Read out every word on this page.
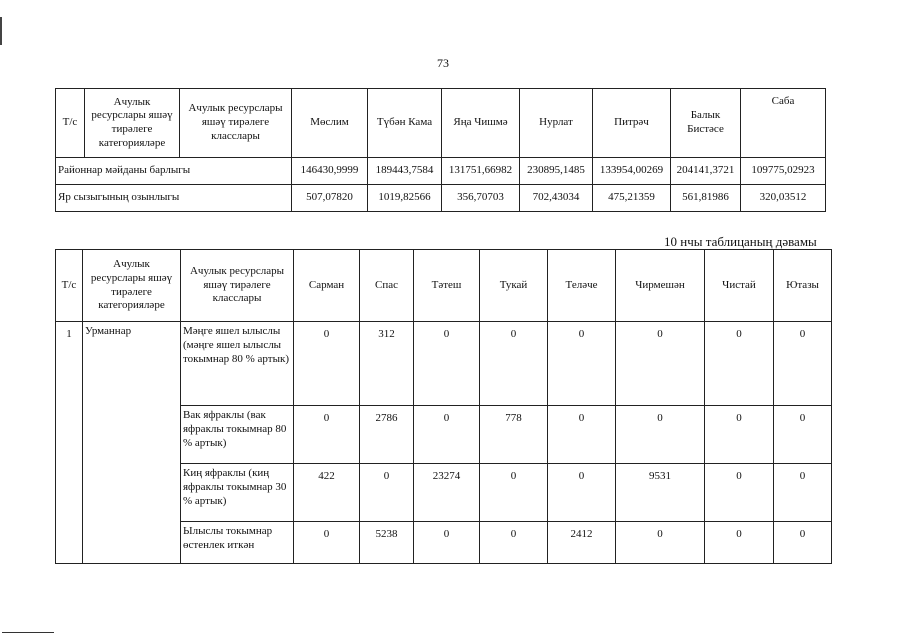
73
Т/с	Ачулык ресурслары яшәү тирәлеге категорияләре	Ачулык ресурслары яшәү тирәлеге класслары	Мөслим	Түбән Кама	Яңа Чишмә	Нурлат	Питрәч	Балык Бистәсе	Саба
Районнар мәйданы барлыгы			146430,9999	189443,7584	131751,66982	230895,1485	133954,00269	204141,3721	109775,02923
Яр сызыгының озынлыгы			507,07820	1019,82566	356,70703	702,43034	475,21359	561,81986	320,03512
10 нчы таблицаның дәвамы
Т/с	Ачулык ресурслары яшәү тирәлеге категорияләре	Ачулык ресурслары яшәү тирәлеге класслары	Сарман	Спас	Тәтеш	Тукай	Теләче	Чирмешән	Чистай	Ютазы
1	Урманнар	Мәңге яшел ылыслы (мәңге яшел ылыслы токымнар 80 % артык)	0	312	0	0	0	0	0	0
		Вак яфраклы (вак яфраклы токымнар 80 % артык)	0	2786	0	778	0	0	0	0
		Киң яфраклы (киң яфраклы токымнар 30 % артык)	422	0	23274	0	0	9531	0	0
		Ылыслы токымнар өстенлек иткән	0	5238	0	0	2412	0	0	0
